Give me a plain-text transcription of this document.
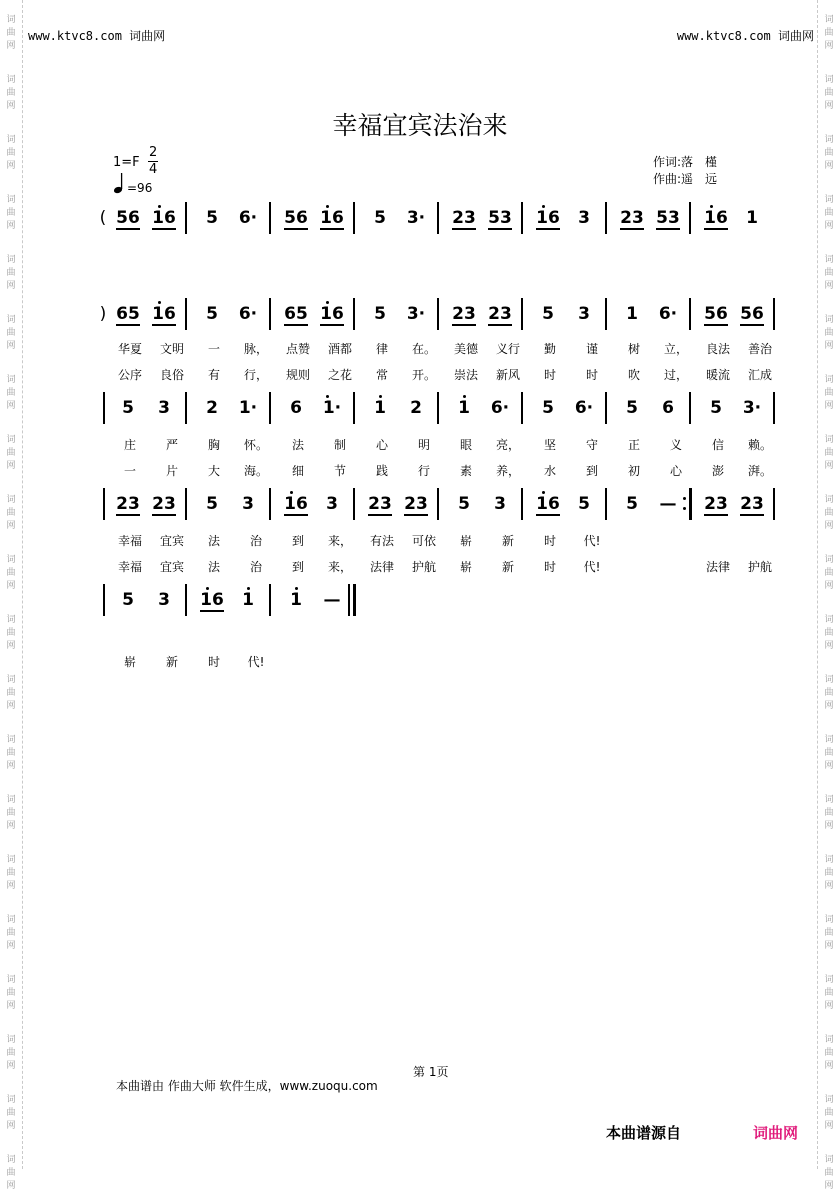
词
曲
网
词
曲
网
词
曲
网
词
曲
网
词
曲
网
词
曲
网
词
曲
网
词
曲
网
词
曲
网
词
曲
网
词
曲
网
词
曲
网
词
曲
网
词
曲
网
词
曲
网
词
曲
网
词
曲
网
词
曲
网
词
曲
网
词
曲
网
词
曲
网
词
曲
网
词
曲
网
词
曲
网
词
曲
网
词
曲
网
词
曲
网
词
曲
网
词
曲
网
词
曲
网
词
曲
网
词
曲
网
词
曲
网
词
曲
网
词
曲
网
词
曲
网
词
曲
网
词
曲
网
词
曲
网
词
曲
网
www.ktvc8.com 词曲网	www.ktvc8.com 词曲网
幸福宜宾法治来
1=F
2
4
=96
作词:落　槿
作曲:遥　远
( 56 16	5	6·	56 16	5	3·	23 53 16	3	23 53 16	1
) 65 16	5	6·	65 16	5	3·	23 23	5	3	1	6·	56 56
华夏	文明	一	脉，	点赞	酒都	律	在。	美德	义行	勤	谨	树	立，	良法	善治
公序	良俗	有	行，	规则	之花	常	开。	崇法	新风	时	时	吹	过，	暖流	汇成
5	3	2	1·	6	1·	1	2	1	6·	5	6·	5	6	5	3·
庄	严	胸	怀。	法	制	心	明	眼	亮，	坚	守	正	义	信	赖。
一	片	大	海。	细	节	践	行	素	养，	水	到	初	心	澎	湃。
23 23	5	3	16	3	23 23	5	3	16	5	5	—	23 23
幸福	宜宾	法	治	到	来，	有法	可依	崭	新	时	代!
幸福	宜宾	法	治	到	来，	法律	护航	崭	新	时	代!	法律	护航
5	3	16	1	1	—
崭	新	时	代!
第 1页
本曲谱由 作曲大师 软件生成，www.zuoqu.com
本曲谱源自	词曲网
